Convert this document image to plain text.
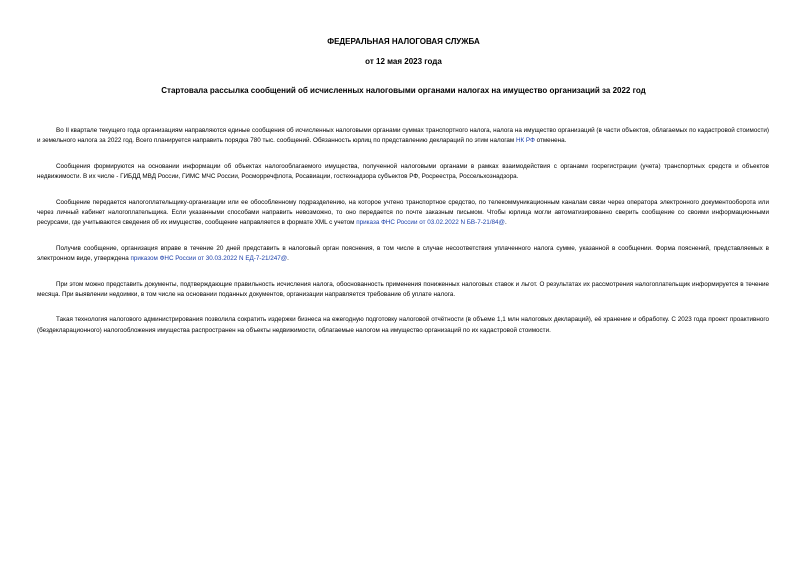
ФЕДЕРАЛЬНАЯ НАЛОГОВАЯ СЛУЖБА

от 12 мая 2023 года

Стартовала рассылка сообщений об исчисленных налоговыми органами налогах на имущество организаций за 2022 год

Во II квартале текущего года организациям направляются единые сообщения об исчисленных налоговыми органами суммах транспортного налога, налога на имущество организаций (в части объектов, облагаемых по кадастровой стоимости) и земельного налога за 2022 год. Всего планируется направить порядка 780 тыс. сообщений. Обязанность юрлиц по представлению деклараций по этим налогам НК РФ отменена.

Сообщения формируются на основании информации об объектах налогооблагаемого имущества, полученной налоговыми органами в рамках взаимодействия с органами госрегистрации (учета) транспортных средств и объектов недвижимости. В их числе - ГИБДД МВД России, ГИМС МЧС России, Росморречфлота, Росавиации, гостехнадзора субъектов РФ, Росреестра, Россельхознадзора.

Сообщение передается налогоплательщику-организации или ее обособленному подразделению, на которое учтено транспортное средство, по телекоммуникационным каналам связи через оператора электронного документооборота или через личный кабинет налогоплательщика. Если указанными способами направить невозможно, то оно передается по почте заказным письмом. Чтобы юрлица могли автоматизированно сверить сообщение со своими информационными ресурсами, где учитываются сведения об их имуществе, сообщение направляется в формате XML с учетом приказа ФНС России от 03.02.2022 N БВ-7-21/84@.

Получив сообщение, организация вправе в течение 20 дней представить в налоговый орган пояснения, в том числе в случае несоответствия уплаченного налога сумме, указанной в сообщении. Форма пояснений, представляемых в электронном виде, утверждена приказом ФНС России от 30.03.2022 N ЕД-7-21/247@.

При этом можно представить документы, подтверждающие правильность исчисления налога, обоснованность применения пониженных налоговых ставок и льгот. О результатах их рассмотрения налогоплательщик информируется в течение месяца. При выявлении недоимки, в том числе на основании поданных документов, организации направляется требование об уплате налога.

Такая технология налогового администрирования позволила сократить издержки бизнеса на ежегодную подготовку налоговой отчётности (в объеме 1,1 млн налоговых деклараций), её хранение и обработку. С 2023 года проект проактивного (бездекларационного) налогообложения имущества распространен на объекты недвижимости, облагаемые налогом на имущество организаций по их кадастровой стоимости.
